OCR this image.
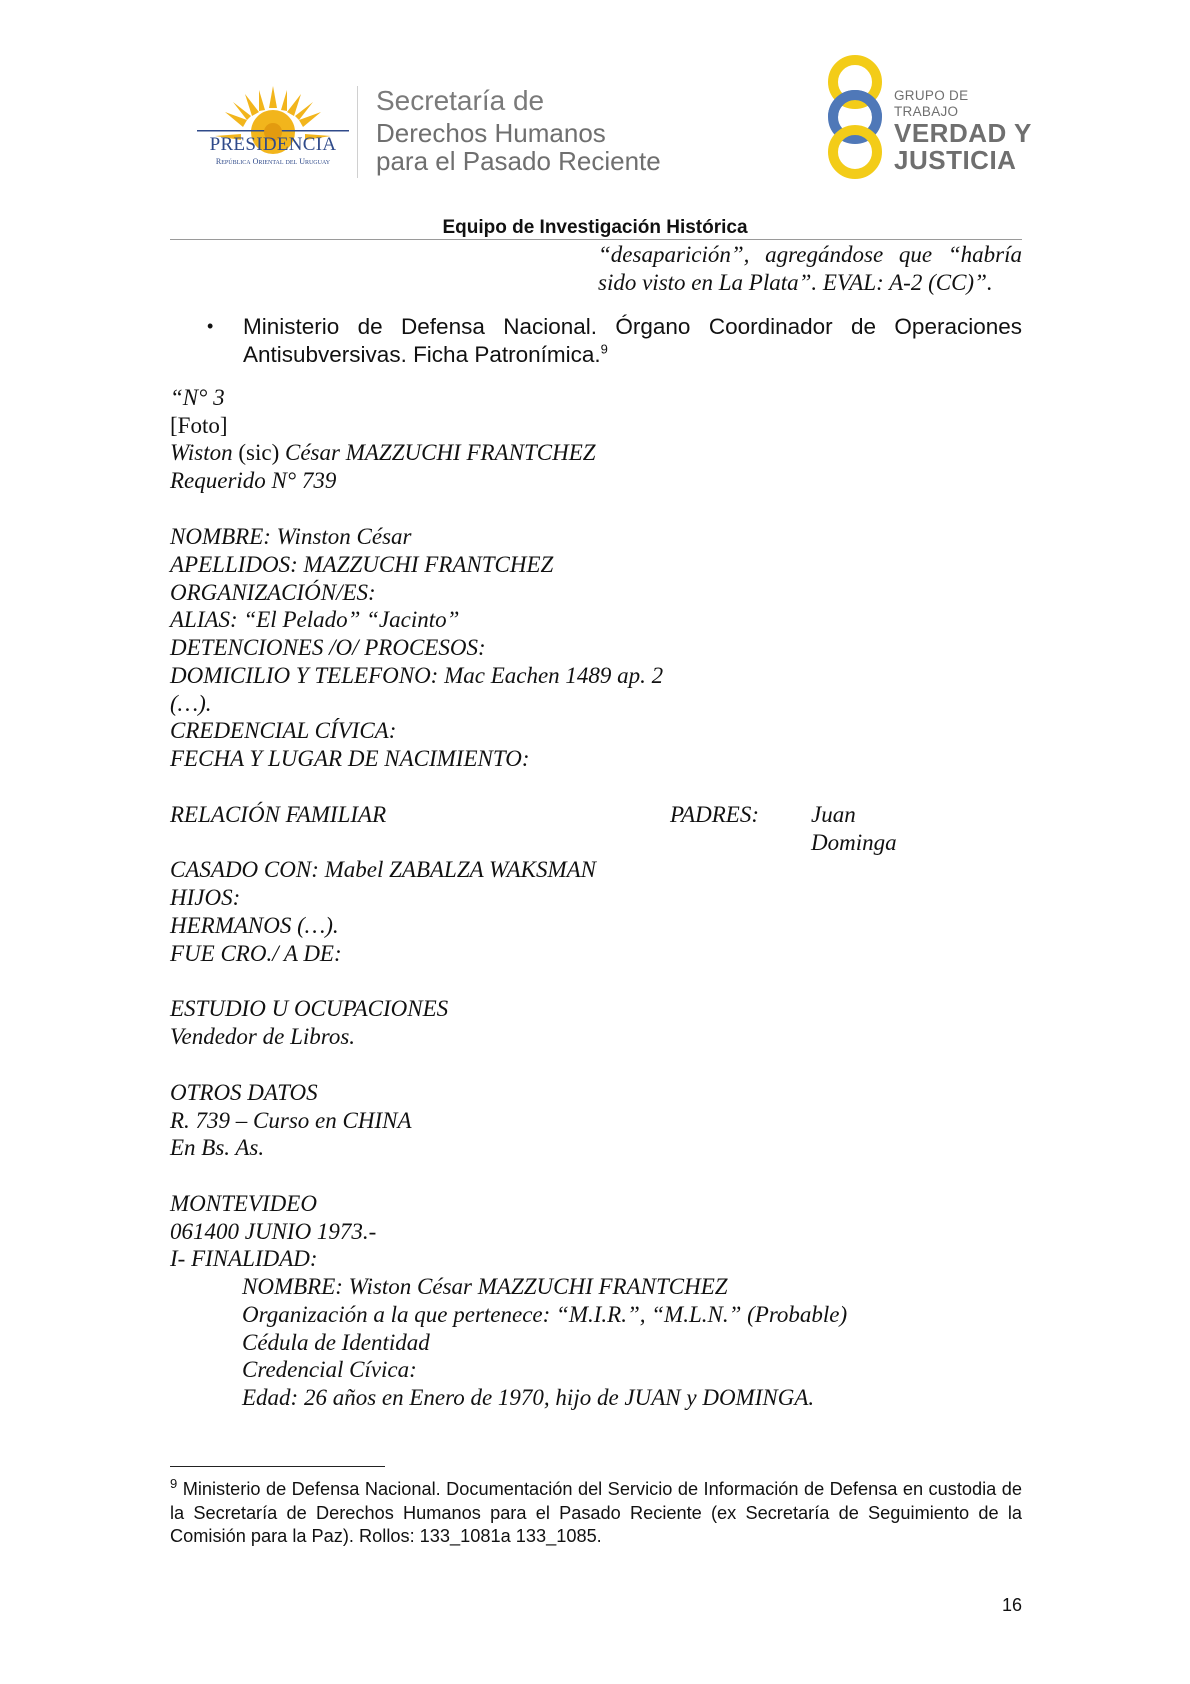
PRESIDENCIA
República Oriental del Uruguay
Secretaría de
Derechos Humanos
para el Pasado Reciente
GRUPO DE TRABAJO
VERDAD Y
JUSTICIA
Equipo de Investigación Histórica
“desaparición”, agregándose que “habría
sido visto en La Plata”. EVAL: A-2 (CC)”.
• Ministerio de Defensa Nacional. Órgano Coordinador de Operaciones
Antisubversivas. Ficha Patronímica.$^9$
“N° 3
[Foto]
Wiston (sic) César MAZZUCHI FRANTCHEZ
Requerido N° 739
NOMBRE: Winston César
APELLIDOS: MAZZUCHI FRANTCHEZ
ORGANIZACIÓN/ES:
ALIAS: “El Pelado” “Jacinto”
DETENCIONES /O/ PROCESOS:
DOMICILIO Y TELEFONO: Mac Eachen 1489 ap. 2
(…).
CREDENCIAL CÍVICA:
FECHA Y LUGAR DE NACIMIENTO:
RELACIÓN FAMILIAR	PADRES: Juan
Dominga
CASADO CON: Mabel ZABALZA WAKSMAN
HIJOS:
HERMANOS (…).
FUE CRO./ A DE:
ESTUDIO U OCUPACIONES
Vendedor de Libros.
OTROS DATOS
R. 739 – Curso en CHINA
En Bs. As.
MONTEVIDEO
061400 JUNIO 1973.-
I- FINALIDAD:
NOMBRE: Wiston César MAZZUCHI FRANTCHEZ
Organización a la que pertenece: “M.I.R.”, “M.L.N.” (Probable)
Cédula de Identidad
Credencial Cívica:
Edad: 26 años en Enero de 1970, hijo de JUAN y DOMINGA.
$^9$ Ministerio de Defensa Nacional. Documentación del Servicio de Información de Defensa en custodia de la Secretaría de Derechos Humanos para el Pasado Reciente (ex Secretaría de Seguimiento de la Comisión para la Paz). Rollos: 133_1081a 133_1085.
16
